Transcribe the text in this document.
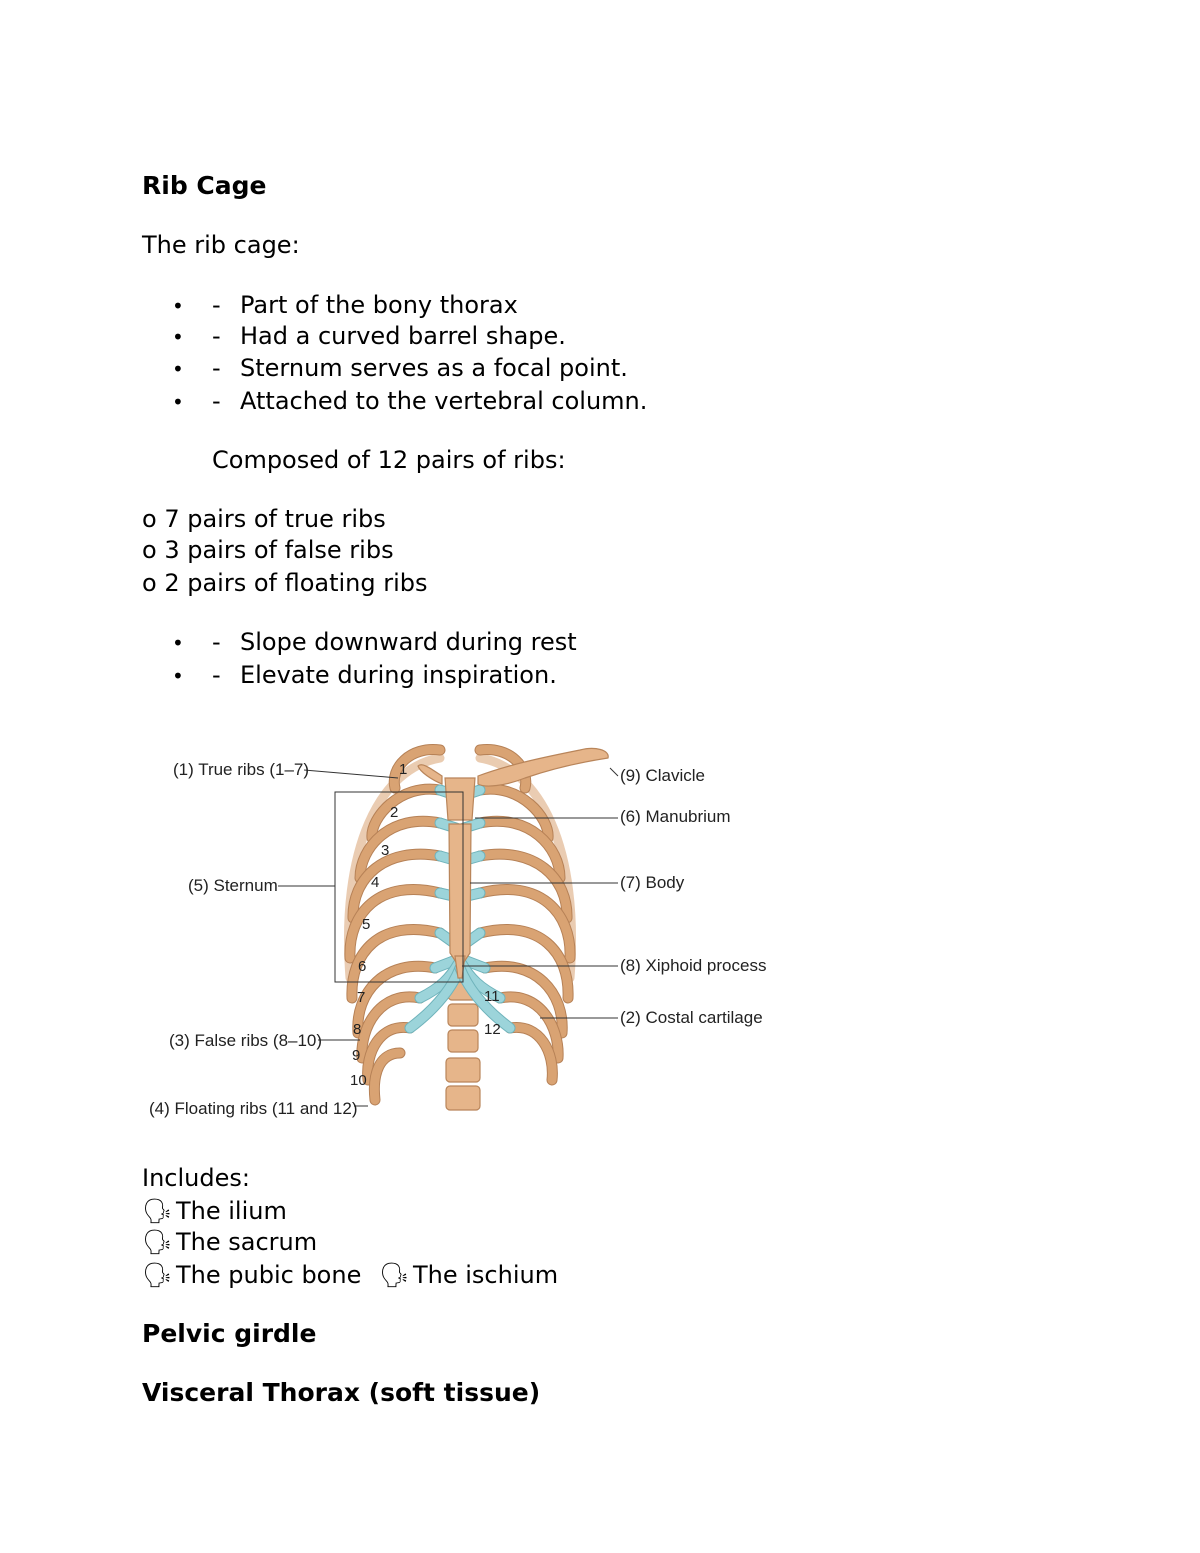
Rib Cage
The rib cage:
• - Part of the bony thorax
• - Had a curved barrel shape.
• - Sternum serves as a focal point.
• - Attached to the vertebral column.
Composed of 12 pairs of ribs:
o 7 pairs of true ribs
o 3 pairs of false ribs
o 2 pairs of floating ribs
• - Slope downward during rest
• - Elevate during inspiration.
(1) True ribs (1–7)
(5) Sternum
(3) False ribs (8–10)
(4) Floating ribs (11 and 12)
(9) Clavicle
(6) Manubrium
(7) Body
(8) Xiphoid process
(2) Costal cartilage
1
2
3
4
5
6
7
8
9
10
11
12
Includes:
🗣 The ilium
🗣 The sacrum
🗣 The pubic bone 🗣 The ischium
Pelvic girdle
Visceral Thorax (soft tissue)
